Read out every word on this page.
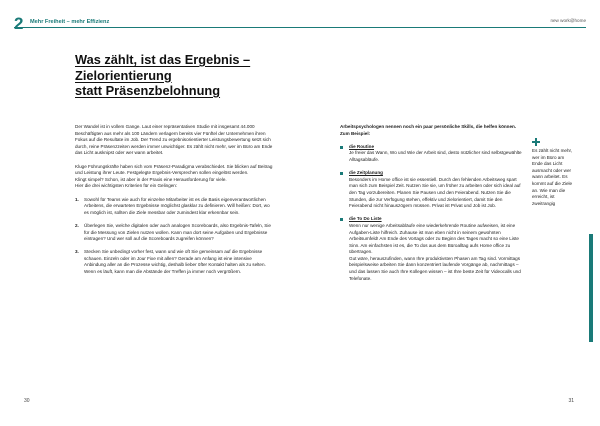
2 Mehr Freiheit – mehr Effizienz	new work@home
Was zählt, ist das Ergebnis –
Zielorientierung
statt Präsenzbelohnung

Der Wandel ist in vollem Gange. Laut einer repräsentativen Studie mit insgesamt 44.000 Beschäftigten aus mehr als 100 Ländern verlagern bereits vier Fünftel der Unternehmen ihren Fokus auf die Resultate im Job. Der Trend zu ergebnisorientierter Leistungsbewertung setzt sich durch, reine Präsenzzeiten werden immer unwichtiger. Es zählt nicht mehr, wer im Büro am Ende das Licht ausknipst oder wer wann arbeitet.

Kluge Führungskräfte haben sich vom Präsenz-Paradigma verabschiedet. Sie blicken auf Beitrag und Leistung ihrer Leute. Festgelegte Ergebnis-Versprechen sollen eingelöst werden.
Klingt simpel? Schon, ist aber in der Praxis eine Herausforderung für viele.
Hier die drei wichtigsten Kriterien für ein Gelingen:

1. Sowohl für Teams wie auch für einzelne Mitarbeiter ist es die Basis eigenverantwortlichen Arbeitens, die erwarteten Ergebnisse möglichst glasklar zu definieren. Will heißen: Dort, wo es möglich ist, sollten die Ziele messbar oder zumindest klar erkennbar sein.
2. Überlegen Sie, welche digitalen oder auch analogen Scoreboards, also Ergebnis-Tafeln, Sie für die Messung von Zielen nutzen wollen. Kann man dort seine Aufgaben und Ergebnisse eintragen? Und wer soll auf die Scoreboards zugreifen können?
3. Stecken Sie unbedingt vorher fest, wann und wie oft Sie gemeinsam auf die Ergebnisse schauen. Einzeln oder im Jour Fixe mit allen? Gerade am Anfang ist eine intensive Anbindung aller an die Prozesse wichtig, deshalb lieber öfter Kontakt halten als zu selten. Wenn es läuft, kann man die Abstände der Treffen ja immer noch vergrößern.
Arbeitspsychologen nennen noch ein paar persönliche Skills, die helfen können. Zum Beispiel:
die Routine
Je freier das Wann, Wo und Wie der Arbeit sind, desto nützlicher sind selbstgewählte Alltagsabläufe.
die Zeitplanung
Besonders im Home office ist sie essentiell. Durch den fehlenden Arbeitsweg spart man sich zum Beispiel Zeit. Nutzen Sie sie, um früher zu arbeiten oder sich ideal auf den Tag vorzubereiten. Planen Sie Pausen und den Feierabend. Nutzen Sie die Stunden, die zur Verfügung stehen, effektiv und zielorientiert, damit Sie den Feierabend nicht hinauszögern müssen. Privat ist Privat und Job ist Job.
die To Do Liste
Wenn nur wenige Arbeitsabläufe eine wiederkehrende Routine aufweisen, ist eine Aufgaben-Liste hilfreich. Zuhause ist man eben nicht in seinem gewohnten Arbeitsumfeld! Am Ende des Vortags oder zu Beginn des Tages macht so eine Liste Sinn. Am einfachsten ist es, die To dos aus dem Büroalltag aufs Home office zu übertragen.
Gut wäre, herauszufinden, wann Ihre produktivsten Phasen am Tag sind. Vormittags beispielsweise arbeiten Sie dann konzentriert laufende Vorgänge ab, nachmittags – und das lassen Sie auch Ihre Kollegen wissen – ist Ihre beste Zeit für Videocalls und Telefonate.
Es zählt nicht mehr, wer im Büro am Ende das Licht ausmacht oder wer wann arbeitet. Es kommt auf die Ziele an. Wie man die erreicht, ist zweitrangig
30	31
